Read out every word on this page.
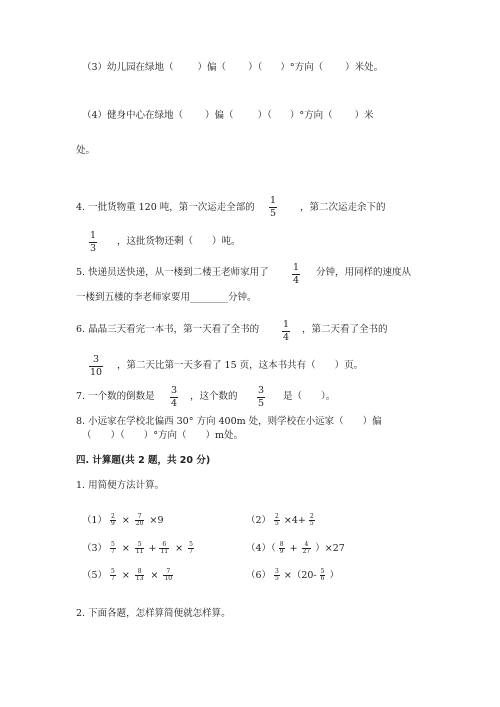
（3）幼儿园在绿地（	）偏（ ）（ ）°方向（ ）米处。
（4）健身中心在绿地（ ）偏（	）（ ）°方向（ ）米
处。
4. 一批货物重 120 吨，第一次运走全部的 $\frac{1}{5}$ ，第二次运走余下的
$\frac{1}{3}$ ，这批货物还剩（　　）吨。
5. 快递员送快递，从一楼到二楼王老师家用了 $\frac{1}{4}$ 分钟，用同样的速度从
一楼到五楼的李老师家要用________分钟。
6. 晶晶三天看完一本书，第一天看了全书的 $\frac{1}{4}$ ，第二天看了全书的
$\frac{3}{10}$ ，第二天比第一天多看了 15 页，这本书共有（　　）页。
7. 一个数的倒数是 $\frac{3}{4}$ ，这个数的 $\frac{3}{5}$ 是（　　）。
8. 小远家在学校北偏西 30° 方向 400m 处，则学校在小远家（　　）偏
（　　）（　　）°方向（　　）m处。
四. 计算题(共 2 题，共 20 分)
1. 用简便方法计算。
$(1) \frac{2}{9} \times \frac{7}{20} \times 9$	$(2) \frac{2}{5} \times 4+ \frac{2}{5}$
$(3) \frac{5}{7} \times \frac{5}{11} + \frac{6}{11} \times \frac{5}{7}$	$(4)( \frac{8}{9} + \frac{4}{27} )\times 27$
$(5) \frac{5}{7} \times \frac{8}{13} \times \frac{7}{10}$	$(6) \frac{3}{5} \times(20- \frac{5}{6}$ ）
2. 下面各题，怎样算简便就怎样算。
